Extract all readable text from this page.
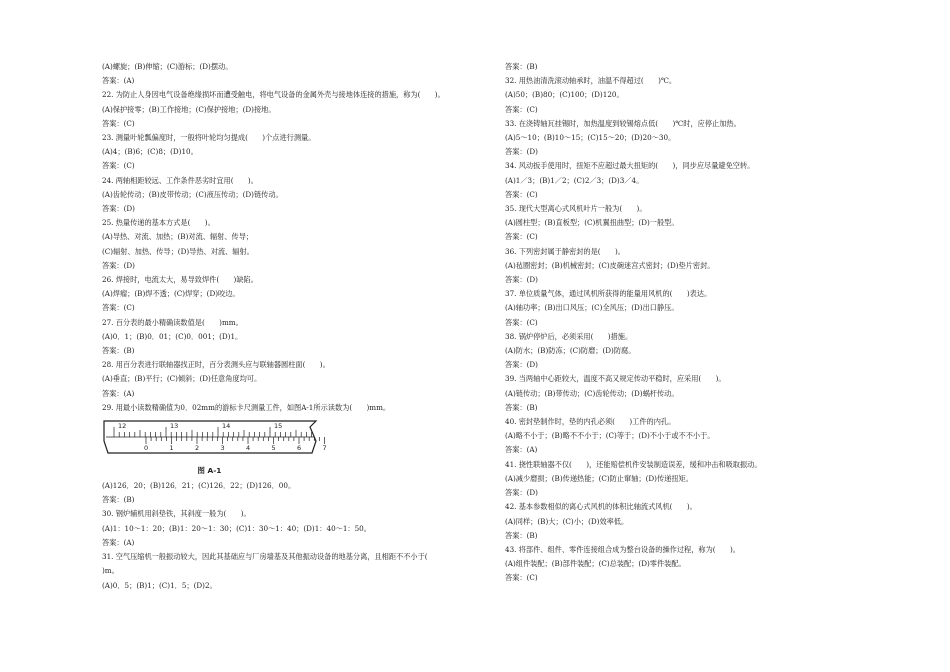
(A)螺旋；(B)伸缩；(C)游标；(D)摆动。
答案：(A)
22. 为防止人身因电气设备绝缘损坏而遭受触电，将电气设备的金属外壳与接地体连接的措施，称为(　　)。
(A)保护接零；(B)工作接地；(C)保护接地；(D)接地。
答案：(C)
23. 测量叶轮瓢偏度时，一般将叶轮均匀提成(　　)个点进行测量。
(A)4；(B)6；(C)8；(D)10。
答案：(C)
24. 两轴相距较远、工作条件恶劣时宜用(　　)。
(A)齿轮传动；(B)皮带传动；(C)液压传动；(D)链传动。
答案：(D)
25. 热量传递的基本方式是(　　)。
(A)导热、对流、加热；(B)对流、辐射、传导；
(C)辐射、加热、传导；(D)导热、对流、辐射。
答案：(D)
26. 焊接时，电流太大，易导致焊件(　　)缺陷。
(A)焊瘤；(B)焊不透；(C)焊穿；(D)咬边。
答案：(C)
27. 百分表的最小精确读数值是(　　)mm。
(A)0．1；(B)0．01；(C)0．001；(D)1。
答案：(B)
28. 用百分表进行联轴器找正时，百分表测头应与联轴器圆柱面(　　)。
(A)垂直；(B)平行；(C)倾斜；(D)任意角度均可。
答案：(A)
29. 用最小读数精确值为0．02mm的游标卡尺测量工件，如图A-1所示读数为(　　)mm。
12	13	14	15
0	1	2	3	4	5	6	7
图 A-1
(A)126．20；(B)126．21；(C)126．22；(D)126．00。
答案：(B)
30. 钢炉辅机用斜垫铁，其斜度一般为(　　)。
(A)1：10～1：20；(B)1：20～1：30；(C)1：30～1：40；(D)1：40～1：50。
答案：(A)
31. 空气压缩机一般振动较大，因此其基础应与厂房墙基及其他振动设备的地基分离，且相距不不小于(
)m。
(A)0．5；(B)1；(C)1．5；(D)2。
答案：(B)
32. 用热油清洗滚动轴承时，油温不得超过(　　)℃。
(A)50；(B)80；(C)100；(D)120。
答案：(C)
33. 在浇铸轴瓦挂锡时，加热温度到较锡熔点低(　　)℃时，应停止加热。
(A)5～10；(B)10～15；(C)15～20；(D)20～30。
答案：(D)
34. 风动扳手使用时，扭矩不应超过最大扭矩的(　　)，同步应尽量避免空转。
(A)1／3；(B)1／2；(C)2／3；(D)3／4。
答案：(C)
35. 现代大型离心式风机叶片一般为(　　)。
(A)圆柱型；(B)直板型；(C)机翼扭曲型；(D)一般型。
答案：(C)
36. 下列密封属于静密封的是(　　)。
(A)毡圈密封；(B)机械密封；(C)皮碗迷宫式密封；(D)垫片密封。
答案：(D)
37. 单位质量气体，通过风机所获得的能量用风机的(　　)表达。
(A)轴功率；(B)出口风压；(C)全风压；(D)出口静压。
答案：(C)
38. 锅炉停炉后，必须采用(　　)措施。
(A)防水；(B)防冻；(C)防磨；(D)防腐。
答案：(D)
39. 当两轴中心距较大，温度不高又规定传动平稳时，应采用(　　)。
(A)链传动；(B)带传动；(C)齿轮传动；(D)蜗杆传动。
答案：(B)
40. 密封垫制作时，垫的内孔必须(　　)工件的内孔。
(A)略不小于；(B)略不不小于；(C)等于；(D)不小于或不不小于。
答案：(A)
41. 挠性联轴器不仅(　　)，还能赔偿机件安装制造误差，缓和冲击和吸取振动。
(A)减少磨损；(B)传递热能；(C)防止窜轴；(D)传递扭矩。
答案：(D)
42. 基本参数相似的离心式风机的体积比轴流式风机(　　)。
(A)同样；(B)大；(C)小；(D)效率低。
答案：(B)
43. 将部件、组件、零件连接组合成为整台设备的操作过程，称为(　　)。
(A)组件装配；(B)部件装配；(C)总装配；(D)零件装配。
答案：(C)
